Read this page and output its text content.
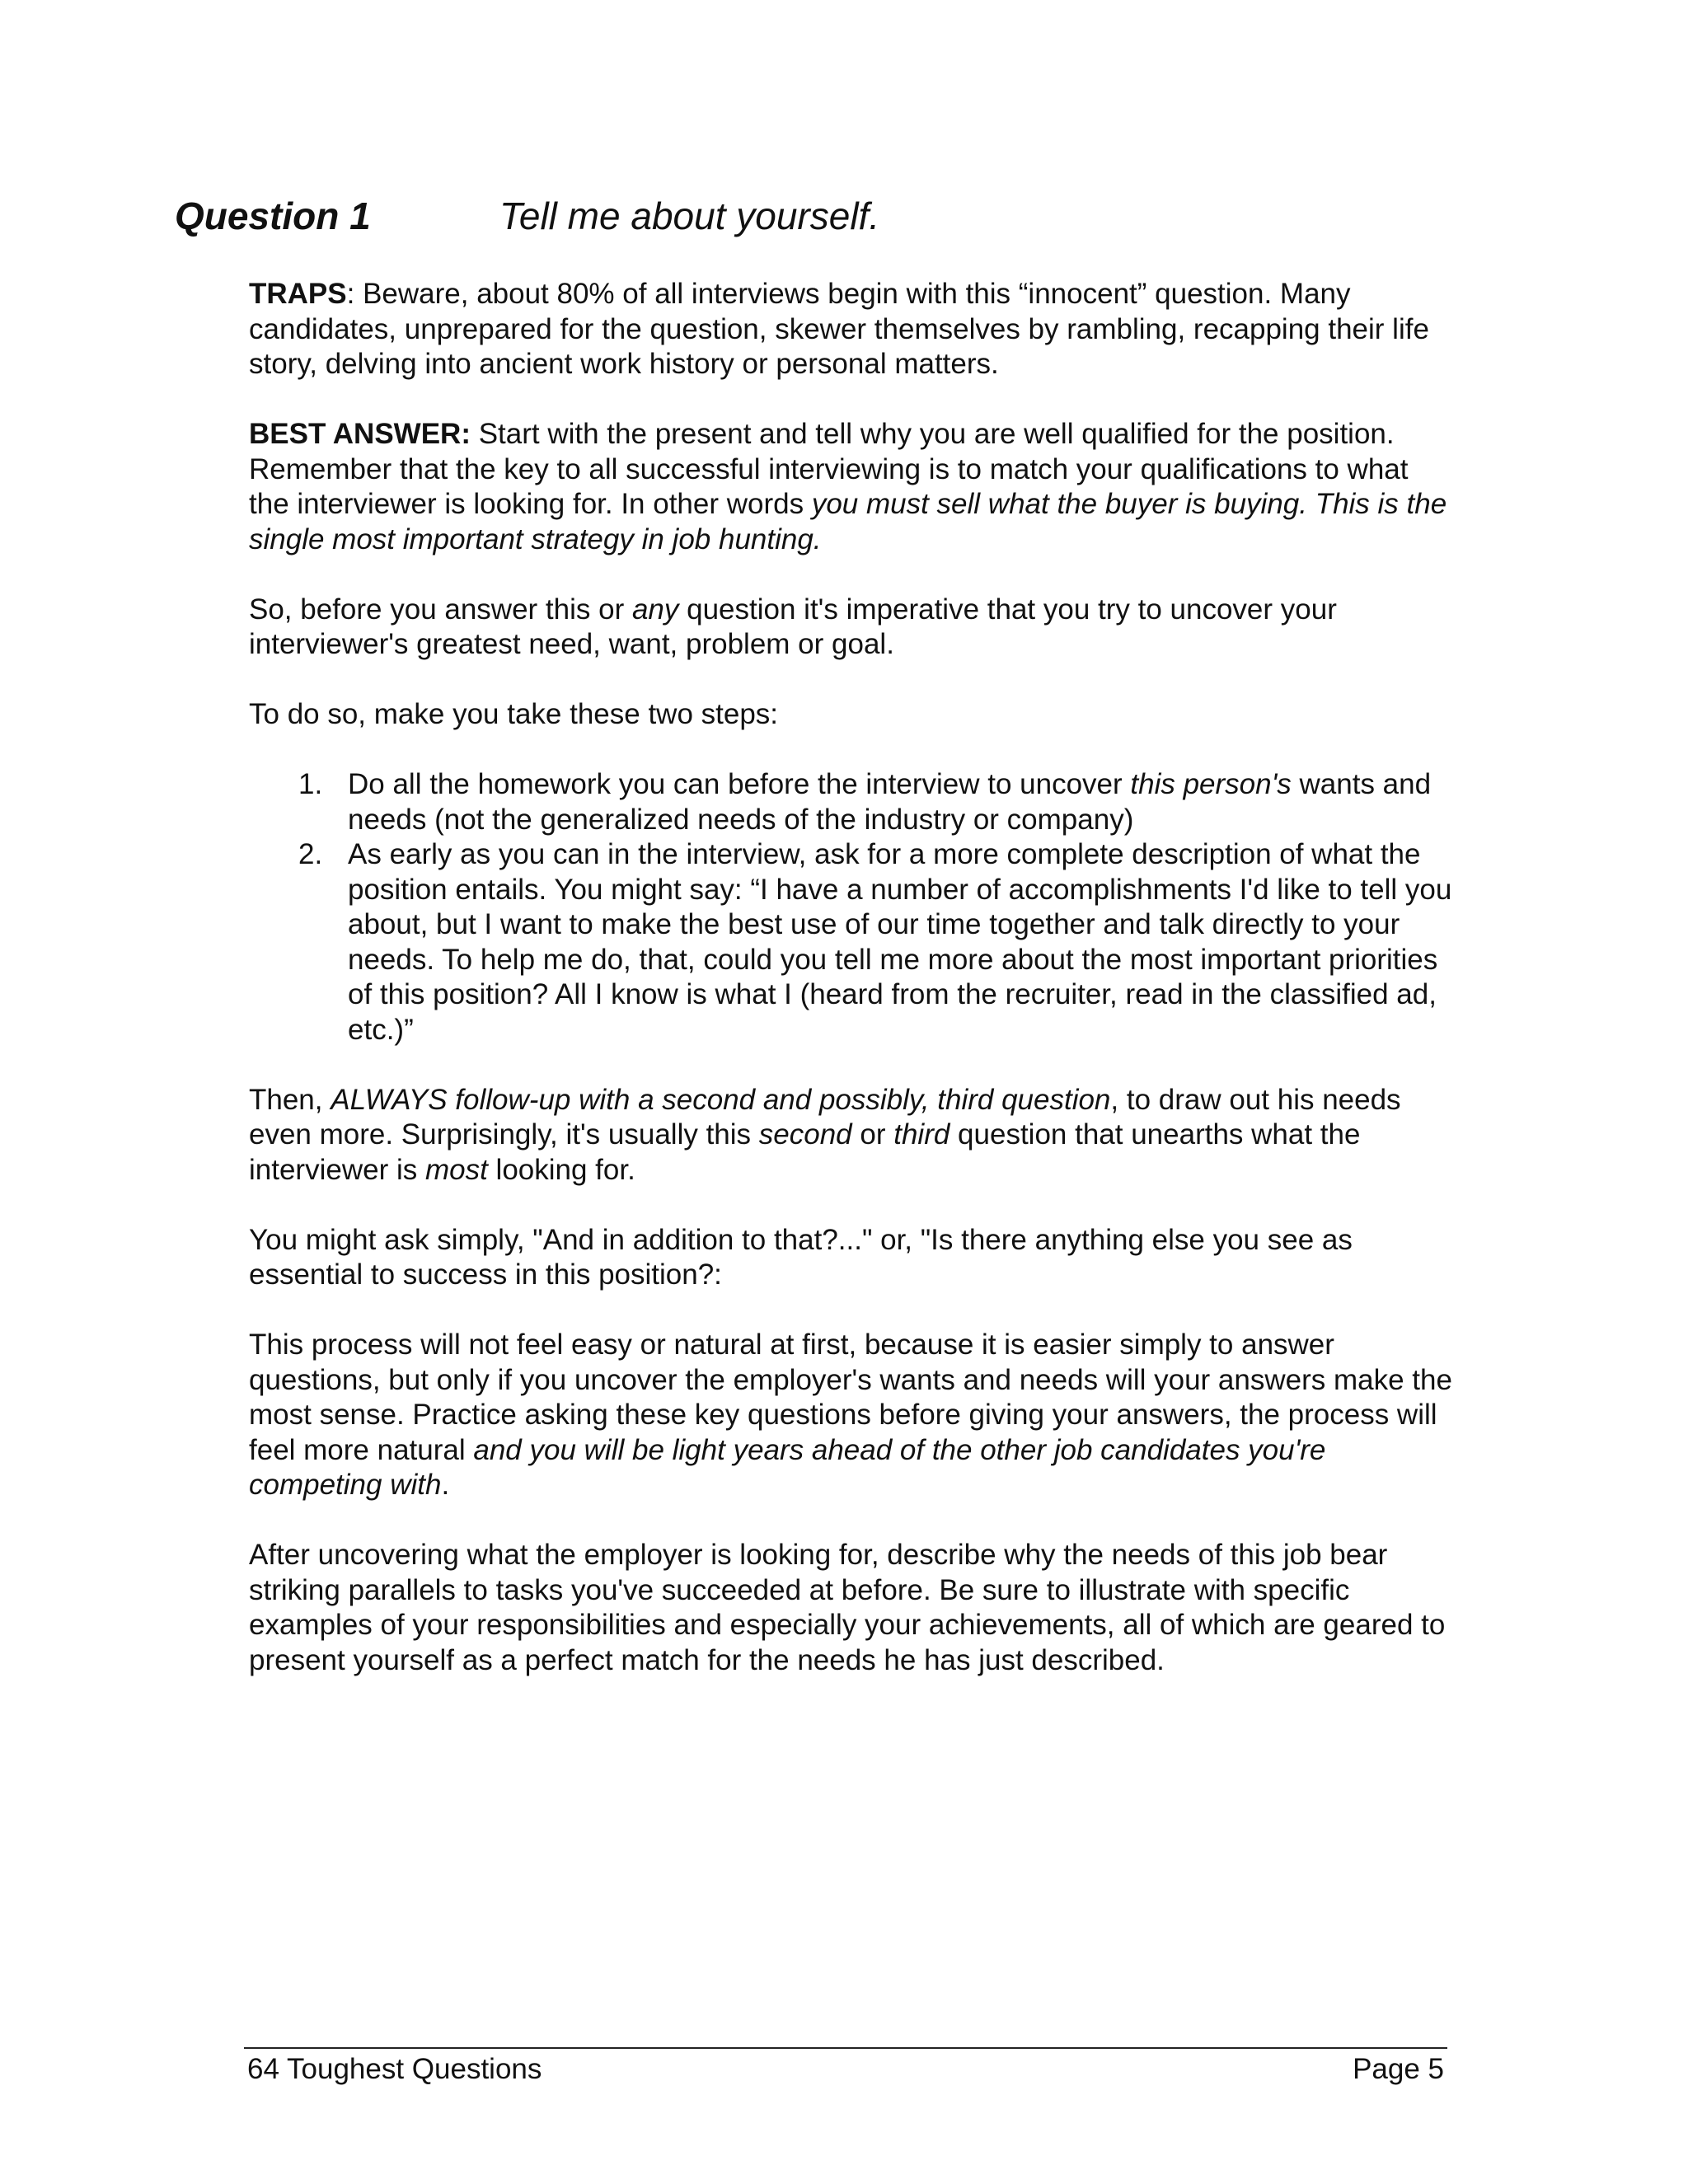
Question 1	Tell me about yourself.

TRAPS: Beware, about 80% of all interviews begin with this “innocent” question. Many candidates, unprepared for the question, skewer themselves by rambling, recapping their life story, delving into ancient work history or personal matters.

BEST ANSWER: Start with the present and tell why you are well qualified for the position. Remember that the key to all successful interviewing is to match your qualifications to what the interviewer is looking for. In other words you must sell what the buyer is buying. This is the single most important strategy in job hunting.

So, before you answer this or any question it's imperative that you try to uncover your interviewer's greatest need, want, problem or goal.

To do so, make you take these two steps:

1. Do all the homework you can before the interview to uncover this person's wants and needs (not the generalized needs of the industry or company)
2. As early as you can in the interview, ask for a more complete description of what the position entails. You might say: “I have a number of accomplishments I'd like to tell you about, but I want to make the best use of our time together and talk directly to your needs. To help me do, that, could you tell me more about the most important priorities of this position? All I know is what I (heard from the recruiter, read in the classified ad, etc.)”

Then, ALWAYS follow-up with a second and possibly, third question, to draw out his needs even more. Surprisingly, it's usually this second or third question that unearths what the interviewer is most looking for.

You might ask simply, "And in addition to that?..." or, "Is there anything else you see as essential to success in this position?:

This process will not feel easy or natural at first, because it is easier simply to answer questions, but only if you uncover the employer's wants and needs will your answers make the most sense. Practice asking these key questions before giving your answers, the process will feel more natural and you will be light years ahead of the other job candidates you're competing with.

After uncovering what the employer is looking for, describe why the needs of this job bear striking parallels to tasks you've succeeded at before. Be sure to illustrate with specific examples of your responsibilities and especially your achievements, all of which are geared to present yourself as a perfect match for the needs he has just described.

64 Toughest Questions	Page 5
